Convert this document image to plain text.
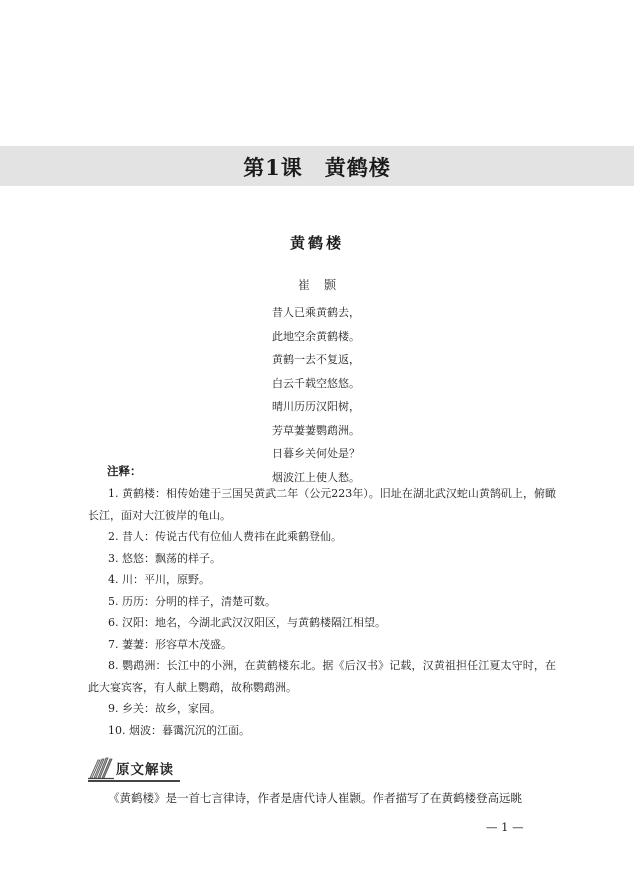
第1课　黄鹤楼
黄鹤楼
崔颢
昔人已乘黄鹤去，
此地空余黄鹤楼。
黄鹤一去不复返，
白云千载空悠悠。
晴川历历汉阳树，
芳草萋萋鹦鹉洲。
日暮乡关何处是？
烟波江上使人愁。
注释：
1. 黄鹤楼：相传始建于三国吴黄武二年（公元223年）。旧址在湖北武汉蛇山黄鹄矶上，俯瞰长江，面对大江彼岸的龟山。
2. 昔人：传说古代有位仙人费祎在此乘鹤登仙。
3. 悠悠：飘荡的样子。
4. 川：平川，原野。
5. 历历：分明的样子，清楚可数。
6. 汉阳：地名，今湖北武汉汉阳区，与黄鹤楼隔江相望。
7. 萋萋：形容草木茂盛。
8. 鹦鹉洲：长江中的小洲，在黄鹤楼东北。据《后汉书》记载，汉黄祖担任江夏太守时，在此大宴宾客，有人献上鹦鹉，故称鹦鹉洲。
9. 乡关：故乡，家园。
10. 烟波：暮霭沉沉的江面。
原文解读
《黄鹤楼》是一首七言律诗，作者是唐代诗人崔颢。作者描写了在黄鹤楼登高远眺
— 1 —
